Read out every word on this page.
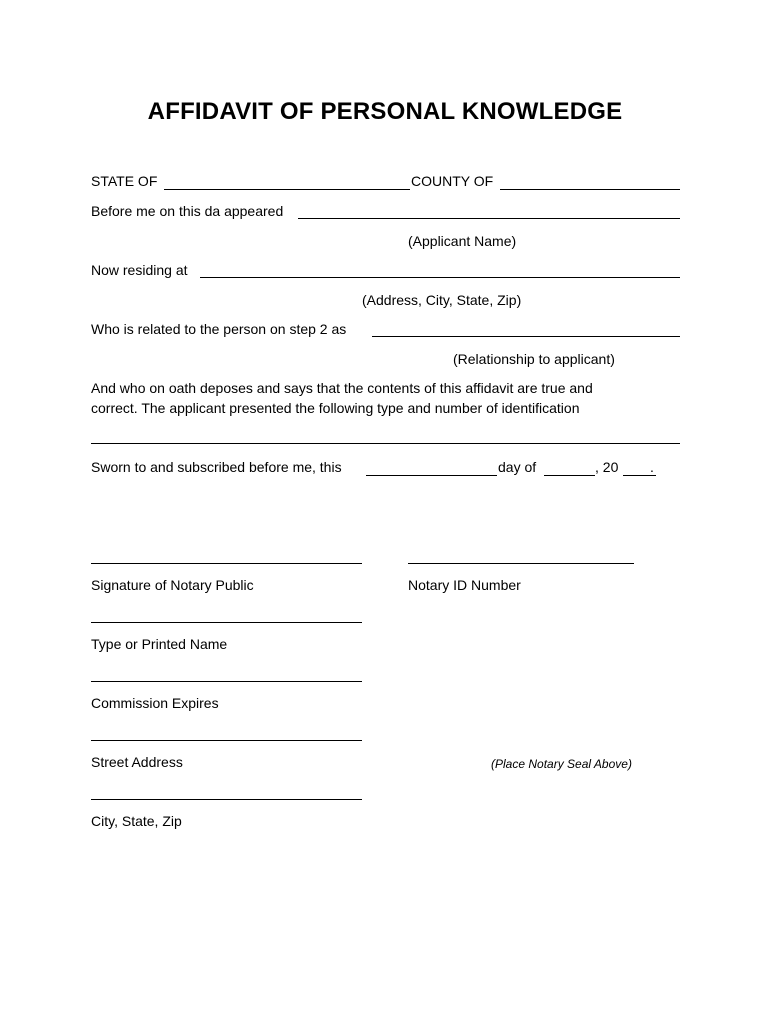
AFFIDAVIT OF PERSONAL KNOWLEDGE
STATE OF	COUNTY OF
Before me on this da appeared
(Applicant Name)
Now residing at
(Address, City, State, Zip)
Who is related to the person on step 2 as
(Relationship to applicant)
And who on oath deposes and says that the contents of this affidavit are true and
correct. The applicant presented the following type and number of identification
Sworn to and subscribed before me, this	day of	, 20 .
Signature of Notary Public	Notary ID Number
Type or Printed Name
Commission Expires
Street Address	(Place Notary Seal Above)
City, State, Zip
